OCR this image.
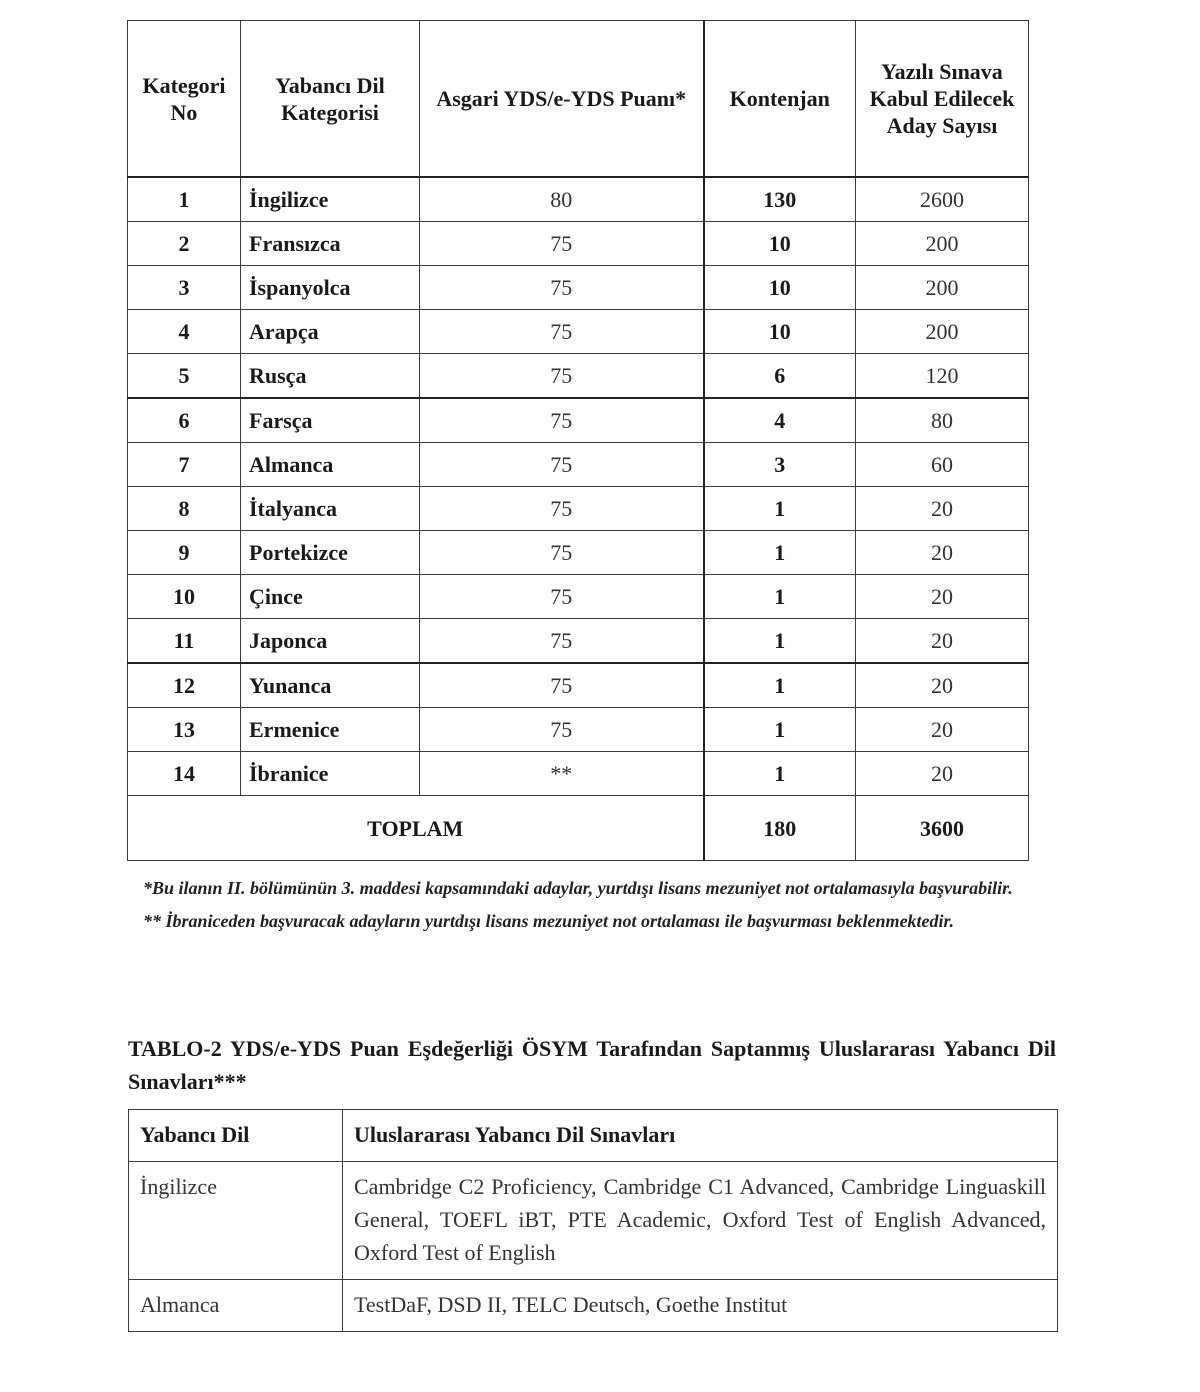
Kategori No	Yabancı Dil Kategorisi	Asgari YDS/e-YDS Puanı*	Kontenjan	Yazılı Sınava Kabul Edilecek Aday Sayısı
1	İngilizce	80	130	2600
2	Fransızca	75	10	200
3	İspanyolca	75	10	200
4	Arapça	75	10	200
5	Rusça	75	6	120
6	Farsça	75	4	80
7	Almanca	75	3	60
8	İtalyanca	75	1	20
9	Portekizce	75	1	20
10	Çince	75	1	20
11	Japonca	75	1	20
12	Yunanca	75	1	20
13	Ermenice	75	1	20
14	İbranice	**	1	20
TOPLAM			180	3600

*Bu ilanın II. bölümünün 3. maddesi kapsamındaki adaylar, yurtdışı lisans mezuniyet not ortalamasıyla başvurabilir.

** İbraniceden başvuracak adayların yurtdışı lisans mezuniyet not ortalaması ile başvurması beklenmektedir.

TABLO-2 YDS/e-YDS Puan Eşdeğerliği ÖSYM Tarafından Saptanmış Uluslararası Yabancı Dil Sınavları***
Yabancı Dil	Uluslararası Yabancı Dil Sınavları
İngilizce	Cambridge C2 Proficiency, Cambridge C1 Advanced, Cambridge Linguaskill General, TOEFL iBT, PTE Academic, Oxford Test of English Advanced, Oxford Test of English
Almanca	TestDaF, DSD II, TELC Deutsch, Goethe Institut
